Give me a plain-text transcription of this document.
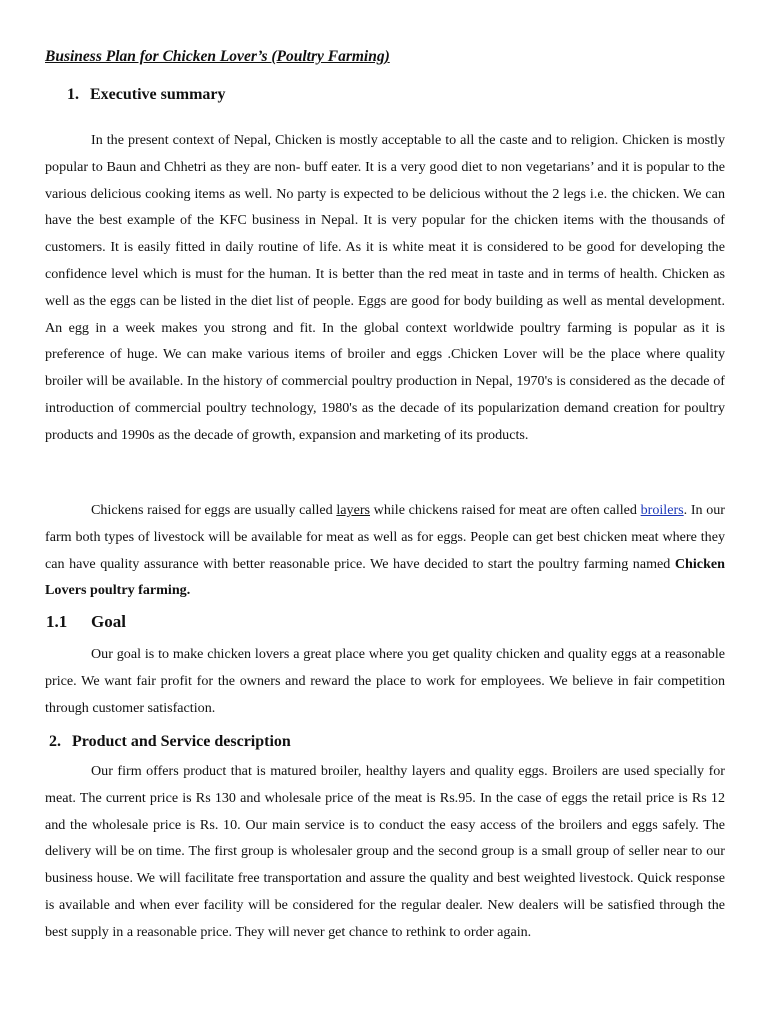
Business Plan for Chicken Lover’s (Poultry Farming)
1. Executive summary

In the present context of Nepal, Chicken is mostly acceptable to all the caste and to religion. Chicken is mostly popular to Baun and Chhetri as they are non- buff eater. It is a very good diet to non vegetarians’ and it is popular to the various delicious cooking items as well. No party is expected to be delicious without the 2 legs i.e. the chicken. We can have the best example of the KFC business in Nepal. It is very popular for the chicken items with the thousands of customers. It is easily fitted in daily routine of life. As it is white meat it is considered to be good for developing the confidence level which is must for the human. It is better than the red meat in taste and in terms of health. Chicken as well as the eggs can be listed in the diet list of people. Eggs are good for body building as well as mental development. An egg in a week makes you strong and fit. In the global context worldwide poultry farming is popular as it is preference of huge. We can make various items of broiler and eggs .Chicken Lover will be the place where quality broiler will be available. In the history of commercial poultry production in Nepal, 1970's is considered as the decade of introduction of commercial poultry technology, 1980's as the decade of its popularization demand creation for poultry products and 1990s as the decade of growth, expansion and marketing of its products.

Chickens raised for eggs are usually called layers while chickens raised for meat are often called broilers. In our farm both types of livestock will be available for meat as well as for eggs. People can get best chicken meat where they can have quality assurance with better reasonable price. We have decided to start the poultry farming named Chicken Lovers poultry farming.

1.1 Goal

Our goal is to make chicken lovers a great place where you get quality chicken and quality eggs at a reasonable price. We want fair profit for the owners and reward the place to work for employees. We believe in fair competition through customer satisfaction.

2. Product and Service description

Our firm offers product that is matured broiler, healthy layers and quality eggs. Broilers are used specially for meat. The current price is Rs 130 and wholesale price of the meat is Rs.95. In the case of eggs the retail price is Rs 12 and the wholesale price is Rs. 10. Our main service is to conduct the easy access of the broilers and eggs safely. The delivery will be on time. The first group is wholesaler group and the second group is a small group of seller near to our business house. We will facilitate free transportation and assure the quality and best weighted livestock. Quick response is available and when ever facility will be considered for the regular dealer. New dealers will be satisfied through the best supply in a reasonable price. They will never get chance to rethink to order again.
